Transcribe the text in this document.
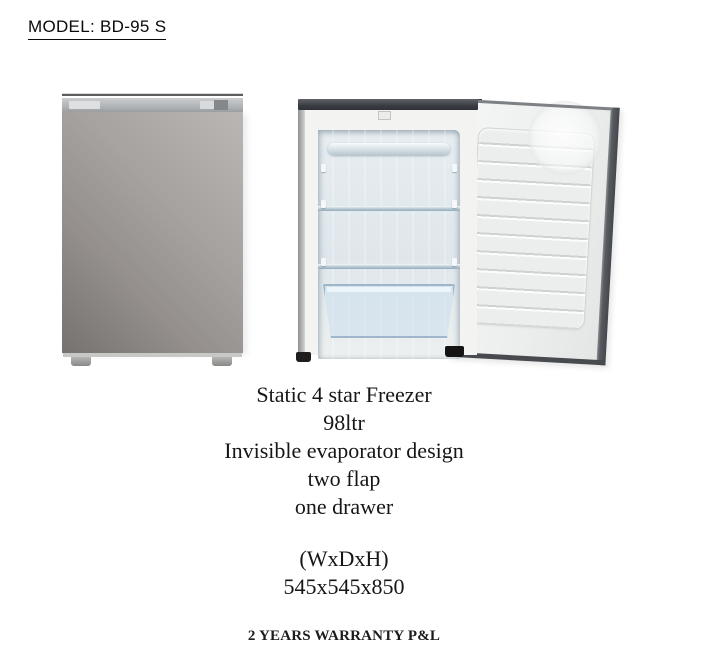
MODEL: BD-95 S
Static 4 star Freezer
98ltr
Invisible evaporator design
two flap
one drawer
(WxDxH)
545x545x850
2 YEARS WARRANTY P&L
